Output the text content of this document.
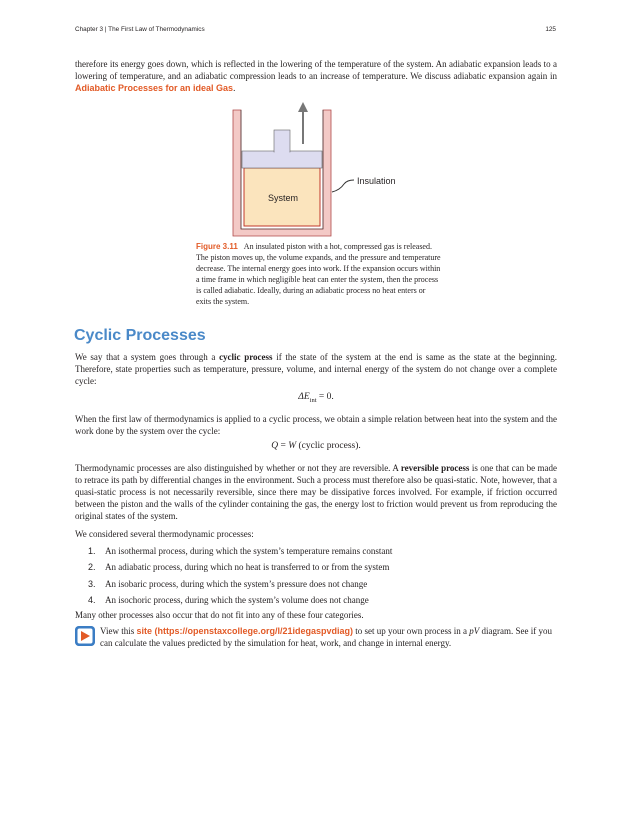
Chapter 3 | The First Law of Thermodynamics	125

therefore its energy goes down, which is reflected in the lowering of the temperature of the system. An adiabatic expansion leads to a lowering of temperature, and an adiabatic compression leads to an increase of temperature. We discuss adiabatic expansion again in Adiabatic Processes for an ideal Gas.

Insulation
System

Figure 3.11 An insulated piston with a hot, compressed gas is released. The piston moves up, the volume expands, and the pressure and temperature decrease. The internal energy goes into work. If the expansion occurs within a time frame in which negligible heat can enter the system, then the process is called adiabatic. Ideally, during an adiabatic process no heat enters or exits the system.

Cyclic Processes

We say that a system goes through a cyclic process if the state of the system at the end is same as the state at the beginning. Therefore, state properties such as temperature, pressure, volume, and internal energy of the system do not change over a complete cycle:

$\Delta E_{int} = 0$.

When the first law of thermodynamics is applied to a cyclic process, we obtain a simple relation between heat into the system and the work done by the system over the cycle:

Q = W (cyclic process).

Thermodynamic processes are also distinguished by whether or not they are reversible. A reversible process is one that can be made to retrace its path by differential changes in the environment. Such a process must therefore also be quasi-static. Note, however, that a quasi-static process is not necessarily reversible, since there may be dissipative forces involved. For example, if friction occurred between the piston and the walls of the cylinder containing the gas, the energy lost to friction would prevent us from reproducing the original states of the system.

We considered several thermodynamic processes:

1. An isothermal process, during which the system’s temperature remains constant
2. An adiabatic process, during which no heat is transferred to or from the system
3. An isobaric process, during which the system’s pressure does not change
4. An isochoric process, during which the system’s volume does not change

Many other processes also occur that do not fit into any of these four categories.

View this site (https://openstaxcollege.org/l/21idegaspvdiag) to set up your own process in a pV diagram. See if you can calculate the values predicted by the simulation for heat, work, and change in internal energy.
